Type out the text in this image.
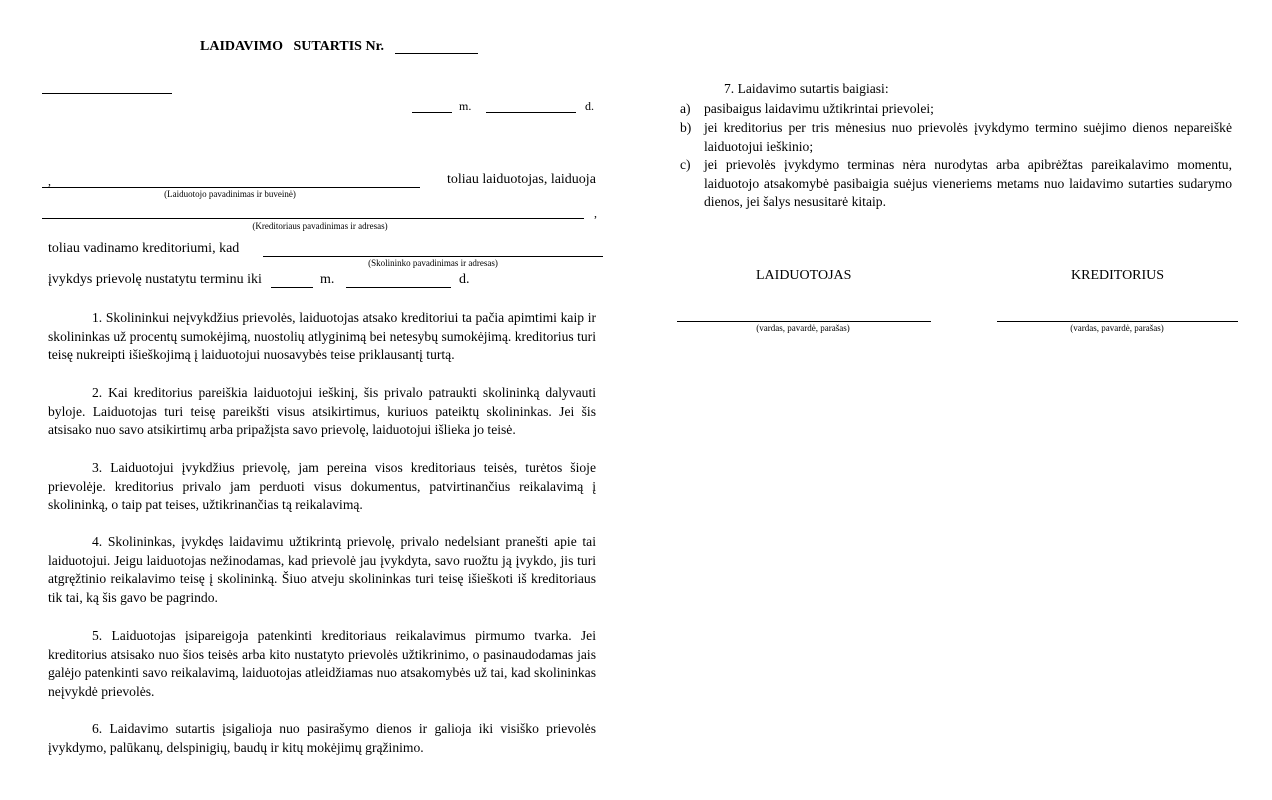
LAIDAVIMO   SUTARTIS Nr.
m.	d.
,	toliau laiduotojas, laiduoja
(Laiduotojo pavadinimas ir buveinė)
,
(Kreditoriaus pavadinimas ir adresas)
toliau vadinamo kreditoriumi, kad
(Skolininko pavadinimas ir adresas)
įvykdys prievolę nustatytu terminu iki	m.	d.
1. Skolininkui neįvykdžius prievolės, laiduotojas atsako kreditoriui ta pačia apimtimi kaip ir skolininkas už procentų sumokėjimą, nuostolių atlyginimą bei netesybų sumokėjimą. kreditorius turi teisę nukreipti išieškojimą į laiduotojui nuosavybės teise priklausantį turtą.
2. Kai kreditorius pareiškia laiduotojui ieškinį, šis privalo patraukti skolininką dalyvauti byloje. Laiduotojas turi teisę pareikšti visus atsikirtimus, kuriuos pateiktų skolininkas. Jei šis atsisako nuo savo atsikirtimų arba pripažįsta savo prievolę, laiduotojui išlieka jo teisė.
3. Laiduotojui įvykdžius prievolę, jam pereina visos kreditoriaus teisės, turėtos šioje prievolėje. kreditorius privalo jam perduoti visus dokumentus, patvirtinančius reikalavimą į skolininką, o taip pat teises, užtikrinančias tą reikalavimą.
4. Skolininkas, įvykdęs laidavimu užtikrintą prievolę, privalo nedelsiant pranešti apie tai laiduotojui. Jeigu laiduotojas nežinodamas, kad prievolė jau įvykdyta, savo ruožtu ją įvykdo, jis turi atgręžtinio reikalavimo teisę į skolininką. Šiuo atveju skolininkas turi teisę išieškoti iš kreditoriaus tik tai, ką šis gavo be pagrindo.
5. Laiduotojas įsipareigoja patenkinti kreditoriaus reikalavimus pirmumo tvarka. Jei kreditorius atsisako nuo šios teisės arba kito nustatyto prievolės užtikrinimo, o pasinaudodamas jais galėjo patenkinti savo reikalavimą, laiduotojas atleidžiamas nuo atsakomybės už tai, kad skolininkas neįvykdė prievolės.
6. Laidavimo sutartis įsigalioja nuo pasirašymo dienos ir galioja iki visiško prievolės įvykdymo, palūkanų, delspinigių, baudų ir kitų mokėjimų grąžinimo.
7. Laidavimo sutartis baigiasi:
a) pasibaigus laidavimu užtikrintai prievolei;
b) jei kreditorius per tris mėnesius nuo prievolės įvykdymo termino suėjimo dienos nepareiškė laiduotojui ieškinio;
c) jei prievolės įvykdymo terminas nėra nurodytas arba apibrėžtas pareikalavimo momentu, laiduotojo atsakomybė pasibaigia suėjus vieneriems metams nuo laidavimo sutarties sudarymo dienos, jei šalys nesusitarė kitaip.
LAIDUOTOJAS	KREDITORIUS
(vardas, pavardė, parašas)	(vardas, pavardė, parašas)
